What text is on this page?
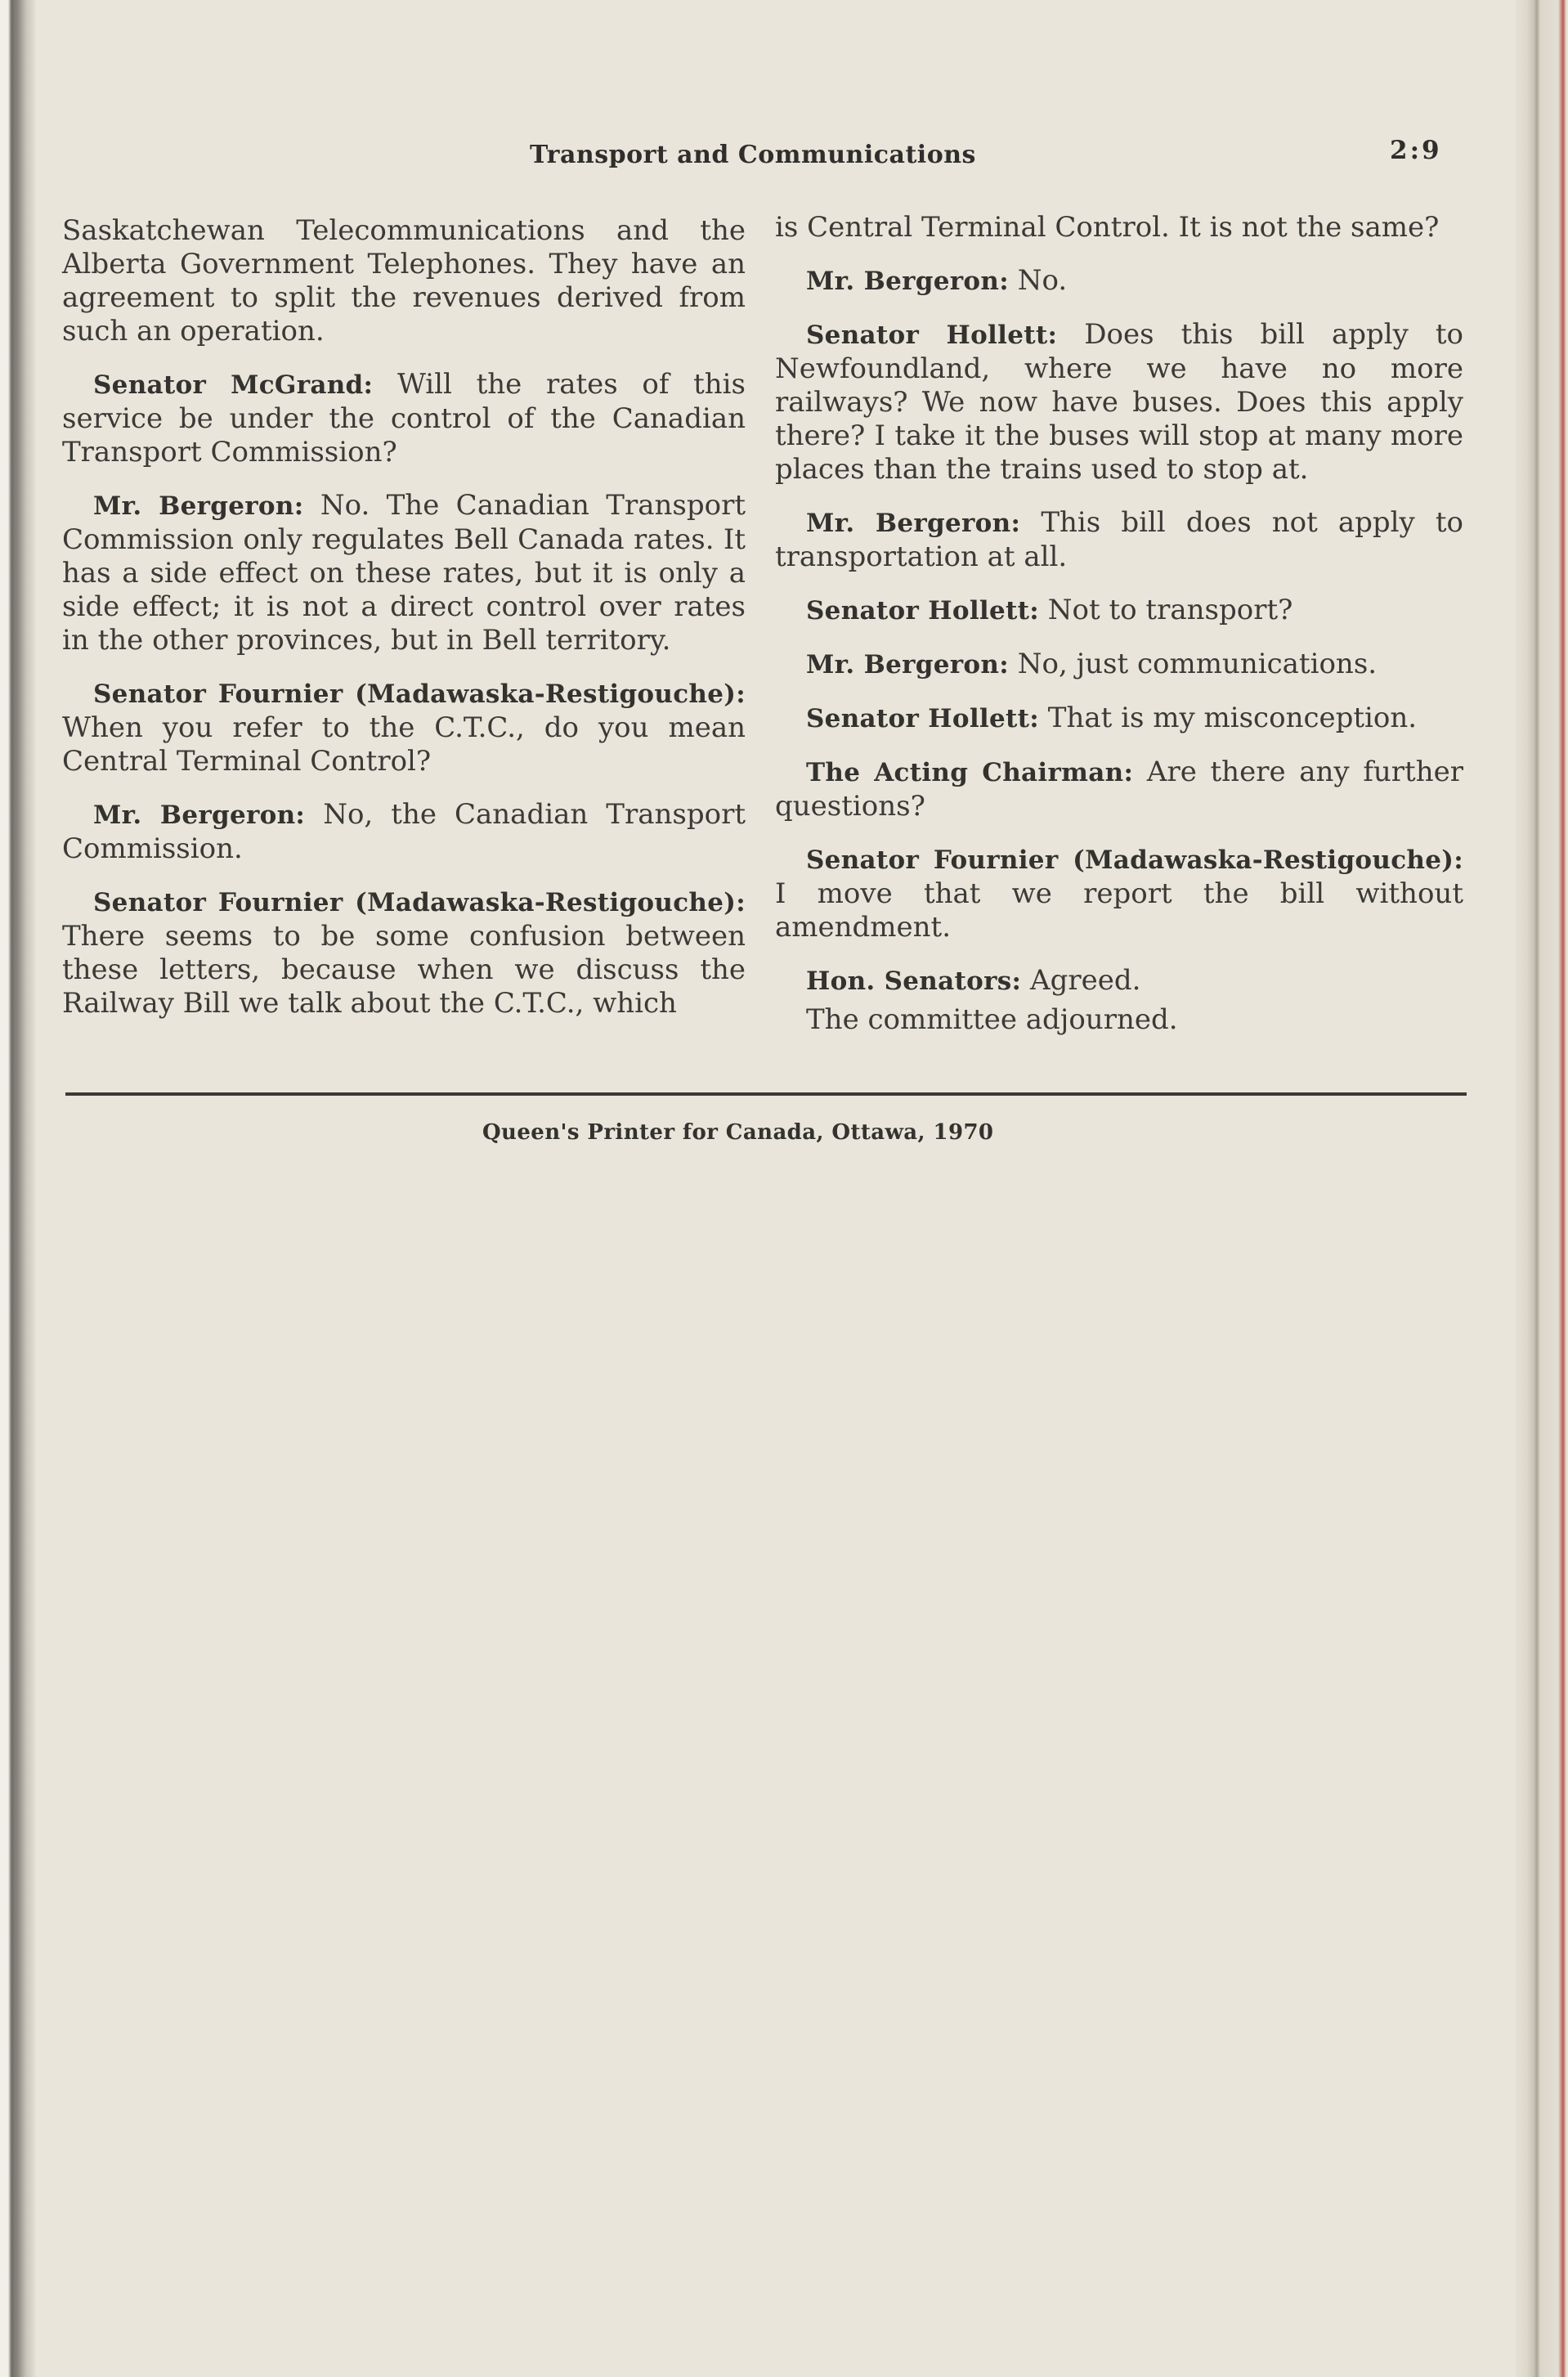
Transport and Communications	2:9

Saskatchewan Telecommunications and the Alberta Government Telephones. They have an agreement to split the revenues derived from such an operation.

Senator McGrand: Will the rates of this service be under the control of the Canadian Transport Commission?

Mr. Bergeron: No. The Canadian Transport Commission only regulates Bell Canada rates. It has a side effect on these rates, but it is only a side effect; it is not a direct control over rates in the other provinces, but in Bell territory.

Senator Fournier (Madawaska-Restigouche): When you refer to the C.T.C., do you mean Central Terminal Control?

Mr. Bergeron: No, the Canadian Transport Commission.

Senator Fournier (Madawaska-Restigouche): There seems to be some confusion between these letters, because when we discuss the Railway Bill we talk about the C.T.C., which

is Central Terminal Control. It is not the same?

Mr. Bergeron: No.

Senator Hollett: Does this bill apply to Newfoundland, where we have no more railways? We now have buses. Does this apply there? I take it the buses will stop at many more places than the trains used to stop at.

Mr. Bergeron: This bill does not apply to transportation at all.

Senator Hollett: Not to transport?

Mr. Bergeron: No, just communications.

Senator Hollett: That is my misconception.

The Acting Chairman: Are there any further questions?

Senator Fournier (Madawaska-Restigouche): I move that we report the bill without amendment.

Hon. Senators: Agreed.

The committee adjourned.

Queen's Printer for Canada, Ottawa, 1970
